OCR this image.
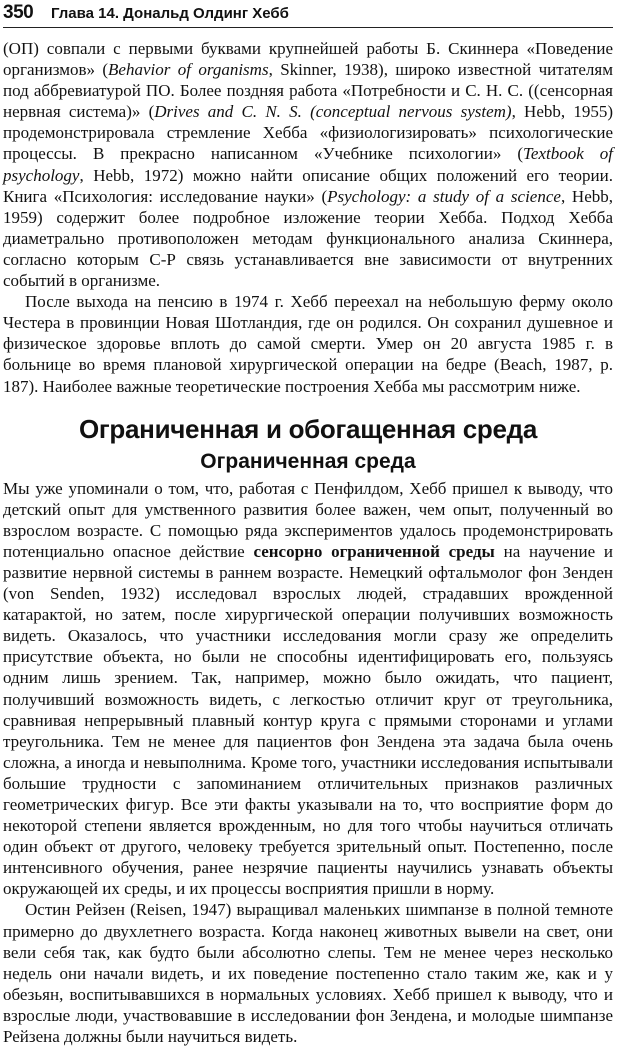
350 Глава 14. Дональд Олдинг Хебб

(ОП) совпали с первыми буквами крупнейшей работы Б. Скиннера «Поведение организмов» (Behavior of organisms, Skinner, 1938), широко известной читателям под аббревиатурой ПО. Более поздняя работа «Потребности и С. Н. С. ((сенсорная нервная система)» (Drives and C. N. S. (conceptual nervous system), Hebb, 1955) продемонстрировала стремление Хебба «физиологизировать» психологические процессы. В прекрасно написанном «Учебнике психологии» (Textbook of psychology, Hebb, 1972) можно найти описание общих положений его теории. Книга «Психология: исследование науки» (Psychology: a study of a science, Hebb, 1959) содержит более подробное изложение теории Хебба. Подход Хебба диаметрально противоположен методам функционального анализа Скиннера, согласно которым С-Р связь устанавливается вне зависимости от внутренних событий в организме.

После выхода на пенсию в 1974 г. Хебб переехал на небольшую ферму около Честера в провинции Новая Шотландия, где он родился. Он сохранил душевное и физическое здоровье вплоть до самой смерти. Умер он 20 августа 1985 г. в больнице во время плановой хирургической операции на бедре (Beach, 1987, p. 187). Наиболее важные теоретические построения Хебба мы рассмотрим ниже.

Ограниченная и обогащенная среда
Ограниченная среда

Мы уже упоминали о том, что, работая с Пенфилдом, Хебб пришел к выводу, что детский опыт для умственного развития более важен, чем опыт, полученный во взрослом возрасте. С помощью ряда экспериментов удалось продемонстрировать потенциально опасное действие сенсорно ограниченной среды на научение и развитие нервной системы в раннем возрасте. Немецкий офтальмолог фон Зенден (von Senden, 1932) исследовал взрослых людей, страдавших врожденной катарактой, но затем, после хирургической операции получивших возможность видеть. Оказалось, что участники исследования могли сразу же определить присутствие объекта, но были не способны идентифицировать его, пользуясь одним лишь зрением. Так, например, можно было ожидать, что пациент, получивший возможность видеть, с легкостью отличит круг от треугольника, сравнивая непрерывный плавный контур круга с прямыми сторонами и углами треугольника. Тем не менее для пациентов фон Зендена эта задача была очень сложна, а иногда и невыполнима. Кроме того, участники исследования испытывали большие трудности с запоминанием отличительных признаков различных геометрических фигур. Все эти факты указывали на то, что восприятие форм до некоторой степени является врожденным, но для того чтобы научиться отличать один объект от другого, человеку требуется зрительный опыт. Постепенно, после интенсивного обучения, ранее незрячие пациенты научились узнавать объекты окружающей их среды, и их процессы восприятия пришли в норму.

Остин Рейзен (Reisen, 1947) выращивал маленьких шимпанзе в полной темноте примерно до двухлетнего возраста. Когда наконец животных вывели на свет, они вели себя так, как будто были абсолютно слепы. Тем не менее через несколько недель они начали видеть, и их поведение постепенно стало таким же, как и у обезьян, воспитывавшихся в нормальных условиях. Хебб пришел к выводу, что и взрослые люди, участвовавшие в исследовании фон Зендена, и молодые шимпанзе Рейзена должны были научиться видеть.
